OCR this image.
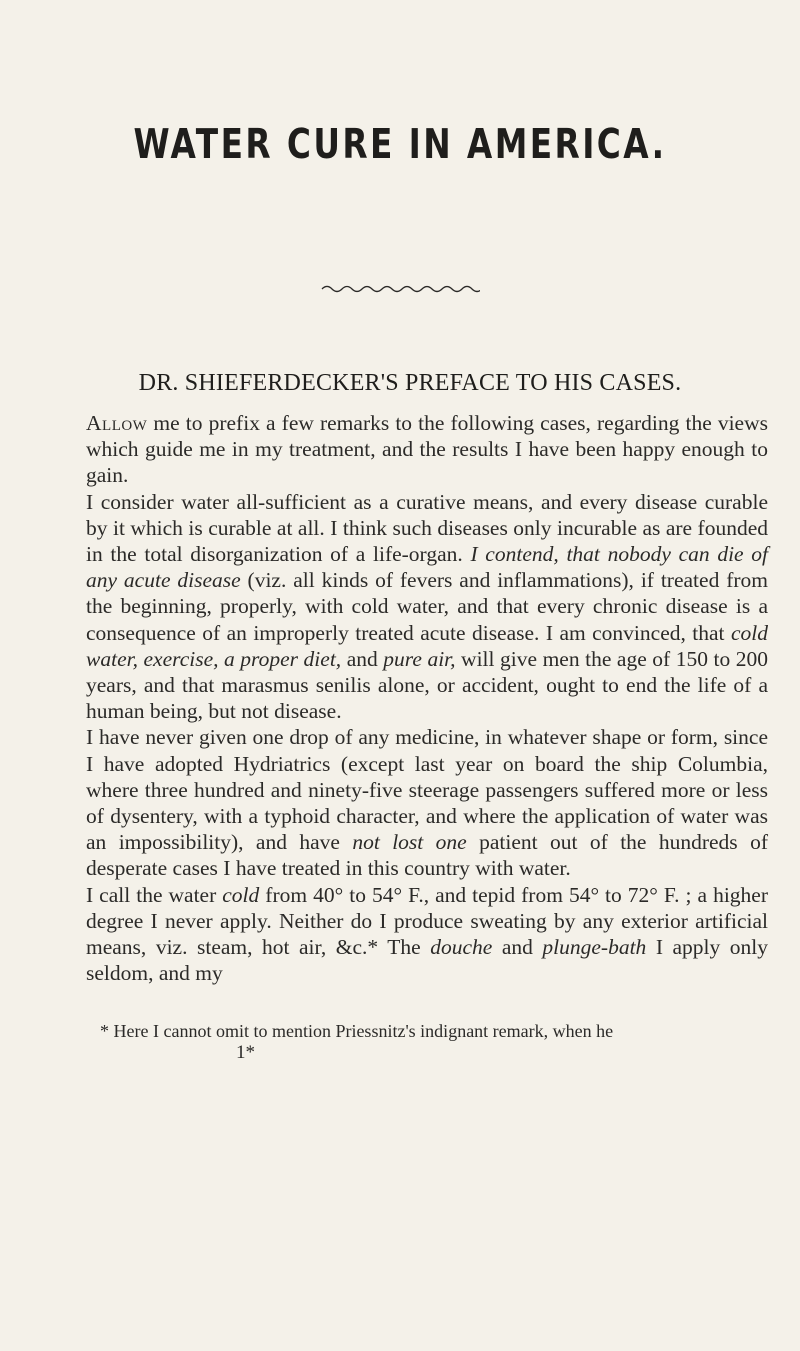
WATER CURE IN AMERICA.
DR. SHIEFERDECKER'S PREFACE TO HIS CASES.

Allow me to prefix a few remarks to the following cases, regarding the views which guide me in my treatment, and the results I have been happy enough to gain.

I consider water all-sufficient as a curative means, and every disease curable by it which is curable at all. I think such diseases only incurable as are founded in the total disorganization of a life-organ. I contend, that nobody can die of any acute disease (viz. all kinds of fevers and inflammations), if treated from the beginning, properly, with cold water, and that every chronic disease is a consequence of an improperly treated acute disease. I am convinced, that cold water, exercise, a proper diet, and pure air, will give men the age of 150 to 200 years, and that marasmus senilis alone, or accident, ought to end the life of a human being, but not disease.

I have never given one drop of any medicine, in whatever shape or form, since I have adopted Hydriatrics (except last year on board the ship Columbia, where three hundred and ninety-five steerage passengers suffered more or less of dysentery, with a typhoid character, and where the application of water was an impossibility), and have not lost one patient out of the hundreds of desperate cases I have treated in this country with water.

I call the water cold from 40° to 54° F., and tepid from 54° to 72° F. ; a higher degree I never apply. Neither do I produce sweating by any exterior artificial means, viz. steam, hot air, &c.* The douche and plunge-bath I apply only seldom, and my

* Here I cannot omit to mention Priessnitz's indignant remark, when he
1*
